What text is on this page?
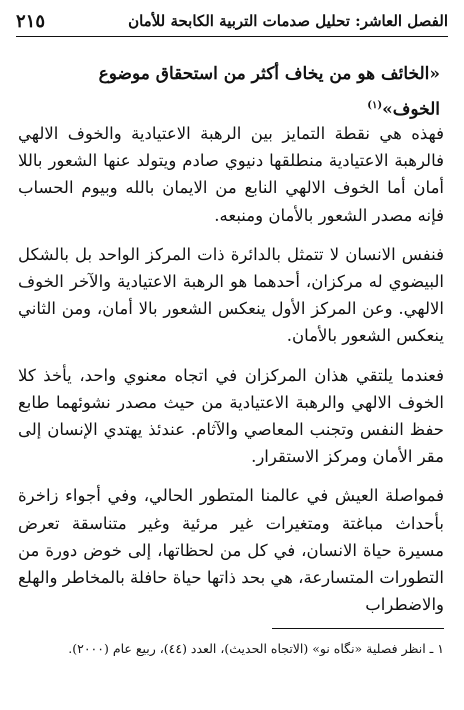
الفصل العاشر: تحليل صدمات التربية الكابحة للأمان
٢١٥
«الخائف هو من يخاف أكثر من استحقاق موضوع الخوف»$^{(١)}$

فهذه هي نقطة التمايز بين الرهبة الاعتيادية والخوف الالهي فالرهبة الاعتيادية منطلقها دنيوي صادم ويتولد عنها الشعور باللا أمان أما الخوف الالهي النابع من الايمان بالله وبيوم الحساب فإنه مصدر الشعور بالأمان ومنبعه.

فنفس الانسان لا تتمثل بالدائرة ذات المركز الواحد بل بالشكل البيضوي له مركزان، أحدهما هو الرهبة الاعتيادية والآخر الخوف الالهي. وعن المركز الأول ينعكس الشعور بالا أمان، ومن الثاني ينعكس الشعور بالأمان.

فعندما يلتقي هذان المركزان في اتجاه معنوي واحد، يأخذ كلا الخوف الالهي والرهبة الاعتيادية من حيث مصدر نشوئهما طابع حفظ النفس وتجنب المعاصي والآثام. عندئذ يهتدي الإنسان إلى مقر الأمان ومركز الاستقرار.

فمواصلة العيش في عالمنا المتطور الحالي، وفي أجواء زاخرة بأحداث مباغتة ومتغيرات غير مرئية وغير متناسقة تعرض مسيرة حياة الانسان، في كل من لحظاتها، إلى خوض دورة من التطورات المتسارعة، هي بحد ذاتها حياة حافلة بالمخاطر والهلع والاضطراب

١ ـ انظر فصلية «نگاه نو» (الاتجاه الحديث)، العدد (٤٤)، ربيع عام (٢٠٠٠).
